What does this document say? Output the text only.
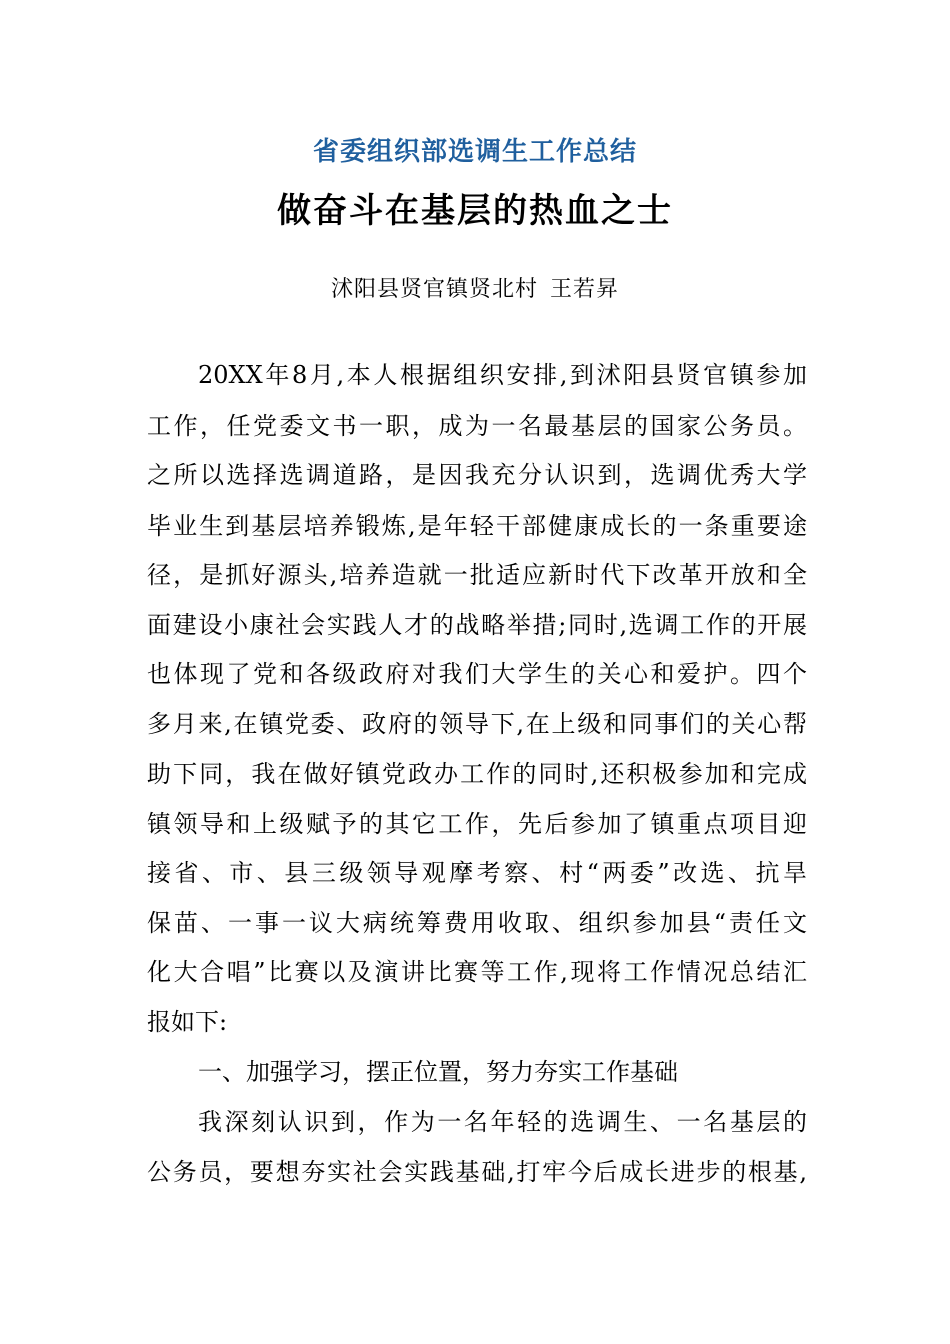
省委组织部选调生工作总结
做奋斗在基层的热血之士
沭阳县贤官镇贤北村 王若昇
20XX年8月,本人根据组织安排,到沭阳县贤官镇参加
工作，任党委文书一职，成为一名最基层的国家公务员。
之所以选择选调道路，是因我充分认识到，选调优秀大学
毕业生到基层培养锻炼,是年轻干部健康成长的一条重要途
径，是抓好源头,培养造就一批适应新时代下改革开放和全
面建设小康社会实践人才的战略举措;同时,选调工作的开展
也体现了党和各级政府对我们大学生的关心和爱护。四个
多月来,在镇党委、政府的领导下,在上级和同事们的关心帮
助下同，我在做好镇党政办工作的同时,还积极参加和完成
镇领导和上级赋予的其它工作，先后参加了镇重点项目迎
接省、市、县三级领导观摩考察、村“两委”改选、抗旱
保苗、一事一议大病统筹费用收取、组织参加县“责任文
化大合唱”比赛以及演讲比赛等工作,现将工作情况总结汇
报如下:
一、加强学习，摆正位置，努力夯实工作基础
我深刻认识到，作为一名年轻的选调生、一名基层的
公务员，要想夯实社会实践基础,打牢今后成长进步的根基,
